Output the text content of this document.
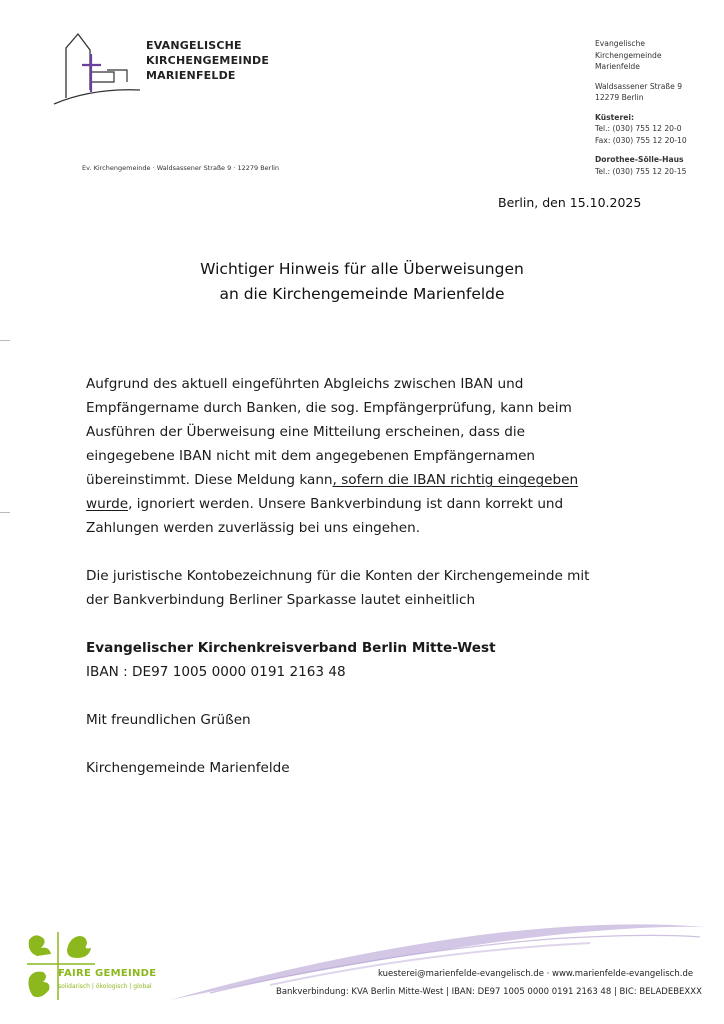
EVANGELISCHE
KIRCHENGEMEINDE
MARIENFELDE
Ev. Kirchengemeinde · Waldsassener Straße 9 · 12279 Berlin
Evangelische
Kirchengemeinde
Marienfelde
Waldsassener Straße 9
12279 Berlin
Küsterei:
Tel.: (030) 755 12 20-0
Fax: (030) 755 12 20-10
Dorothee-Sölle-Haus
Tel.: (030) 755 12 20-15
Berlin, den 15.10.2025
Wichtiger Hinweis für alle Überweisungen
an die Kirchengemeinde Marienfelde

Aufgrund des aktuell eingeführten Abgleichs zwischen IBAN und

Empfängername durch Banken, die sog. Empfängerprüfung, kann beim

Ausführen der Überweisung eine Mitteilung erscheinen, dass die

eingegebene IBAN nicht mit dem angegebenen Empfängernamen

übereinstimmt. Diese Meldung kann, sofern die IBAN richtig eingegeben

wurde, ignoriert werden. Unsere Bankverbindung ist dann korrekt und

Zahlungen werden zuverlässig bei uns eingehen.

Die juristische Kontobezeichnung für die Konten der Kirchengemeinde mit

der Bankverbindung Berliner Sparkasse lautet einheitlich

Evangelischer Kirchenkreisverband Berlin Mitte-West

IBAN : DE97 1005 0000 0191 2163 48

Mit freundlichen Grüßen

Kirchengemeinde Marienfelde

FAIRE GEMEINDE
solidarisch | ökologisch | global
kuesterei@marienfelde-evangelisch.de · www.marienfelde-evangelisch.de
Bankverbindung: KVA Berlin Mitte-West | IBAN: DE97 1005 0000 0191 2163 48 | BIC: BELADEBEXXX
